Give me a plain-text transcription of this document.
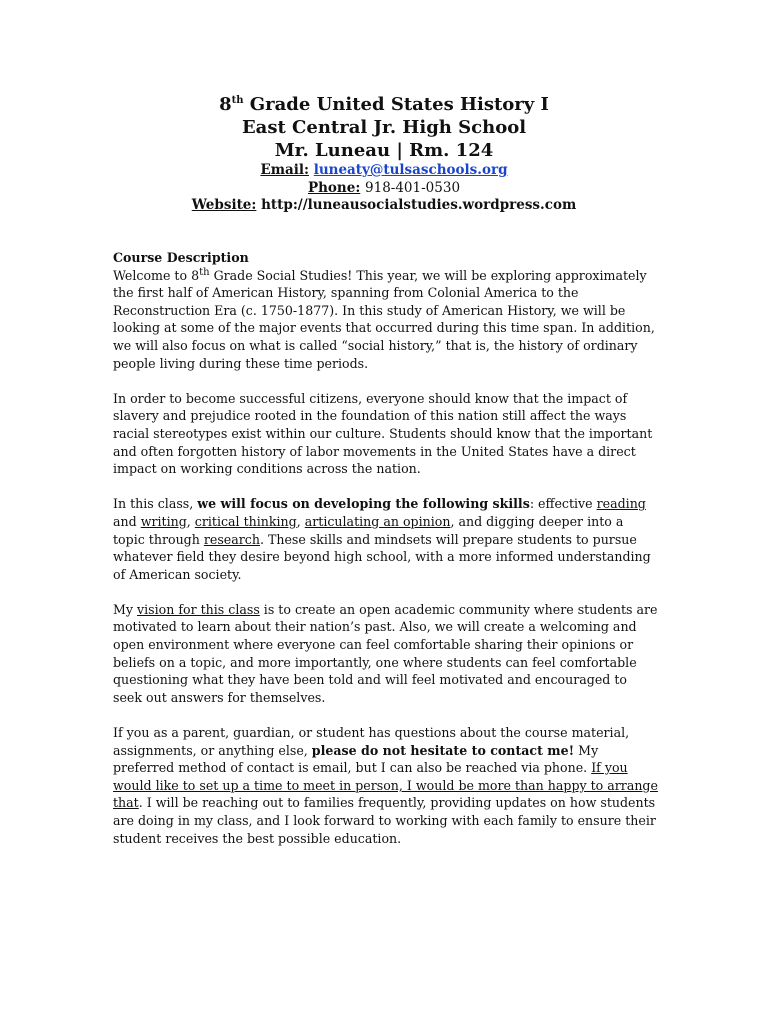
8th Grade United States History I
East Central Jr. High School
Mr. Luneau | Rm. 124
Email: luneaty@tulsaschools.org
Phone: 918-401-0530
Website: http://luneausocialstudies.wordpress.com
Course Description

Welcome to 8th Grade Social Studies! This year, we will be exploring approximately the first half of American History, spanning from Colonial America to the Reconstruction Era (c. 1750-1877). In this study of American History, we will be looking at some of the major events that occurred during this time span. In addition, we will also focus on what is called “social history,” that is, the history of ordinary people living during these time periods.

In order to become successful citizens, everyone should know that the impact of slavery and prejudice rooted in the foundation of this nation still affect the ways racial stereotypes exist within our culture. Students should know that the important and often forgotten history of labor movements in the United States have a direct impact on working conditions across the nation.

In this class, we will focus on developing the following skills: effective reading and writing, critical thinking, articulating an opinion, and digging deeper into a topic through research. These skills and mindsets will prepare students to pursue whatever field they desire beyond high school, with a more informed understanding of American society.

My vision for this class is to create an open academic community where students are motivated to learn about their nation’s past. Also, we will create a welcoming and open environment where everyone can feel comfortable sharing their opinions or beliefs on a topic, and more importantly, one where students can feel comfortable questioning what they have been told and will feel motivated and encouraged to seek out answers for themselves.

If you as a parent, guardian, or student has questions about the course material, assignments, or anything else, please do not hesitate to contact me! My preferred method of contact is email, but I can also be reached via phone. If you would like to set up a time to meet in person, I would be more than happy to arrange that. I will be reaching out to families frequently, providing updates on how students are doing in my class, and I look forward to working with each family to ensure their student receives the best possible education.
